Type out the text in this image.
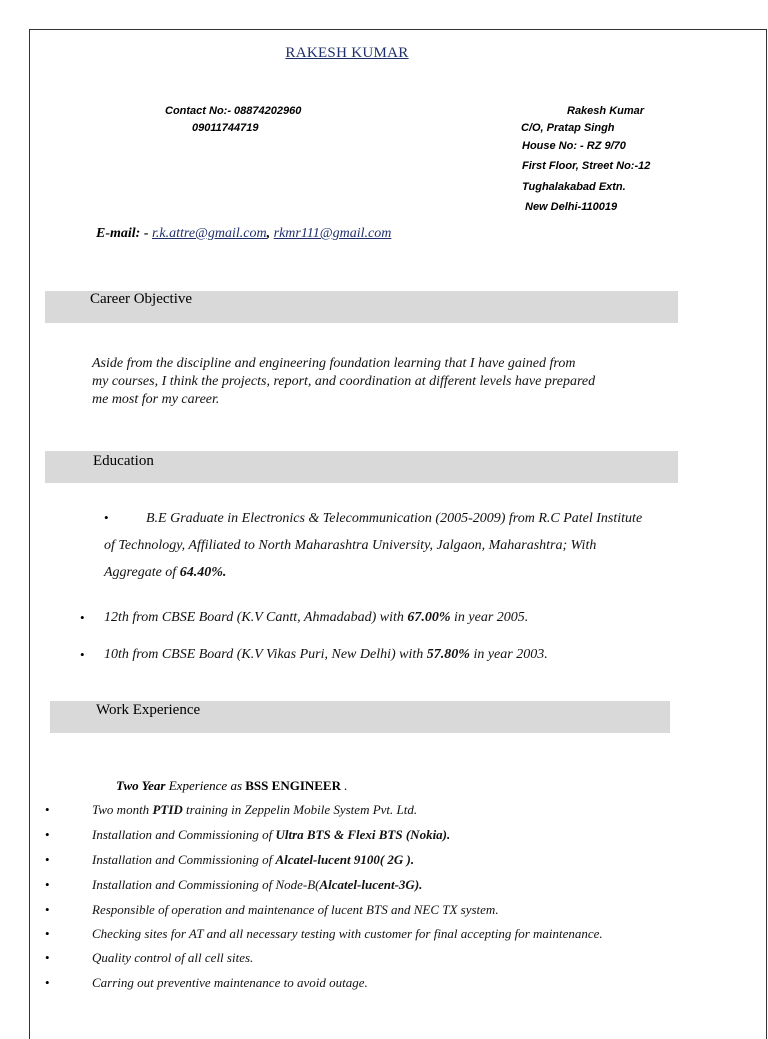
RAKESH KUMAR
Contact No:- 08874202960
09011744719
Rakesh Kumar
C/O, Pratap Singh
House No: - RZ 9/70
First Floor, Street No:-12
Tughalakabad Extn.
New Delhi-110019
E-mail: - r.k.attre@gmail.com, rkmr111@gmail.com
Career Objective
Aside from the discipline and engineering foundation learning that I have gained from
my courses, I think the projects, report, and coordination at different levels have prepared
me most for my career.
Education
•	B.E Graduate in Electronics & Telecommunication (2005-2009) from R.C Patel Institute
of Technology, Affiliated to North Maharashtra University, Jalgaon, Maharashtra; With
Aggregate of 64.40%.
• 12th from CBSE Board (K.V Cantt, Ahmadabad) with 67.00% in year 2005.
• 10th from CBSE Board (K.V Vikas Puri, New Delhi) with 57.80% in year 2003.
Work Experience
Two Year Experience as BSS ENGINEER .
•	Two month PTID training in Zeppelin Mobile System Pvt. Ltd.
•	Installation and Commissioning of Ultra BTS & Flexi BTS (Nokia).
•	Installation and Commissioning of Alcatel-lucent 9100( 2G ).
•	Installation and Commissioning of Node-B(Alcatel-lucent-3G).
•	Responsible of operation and maintenance of lucent BTS and NEC TX system.
•	Checking sites for AT and all necessary testing with customer for final accepting for maintenance.
•	Quality control of all cell sites.
•	Carring out preventive maintenance to avoid outage.
